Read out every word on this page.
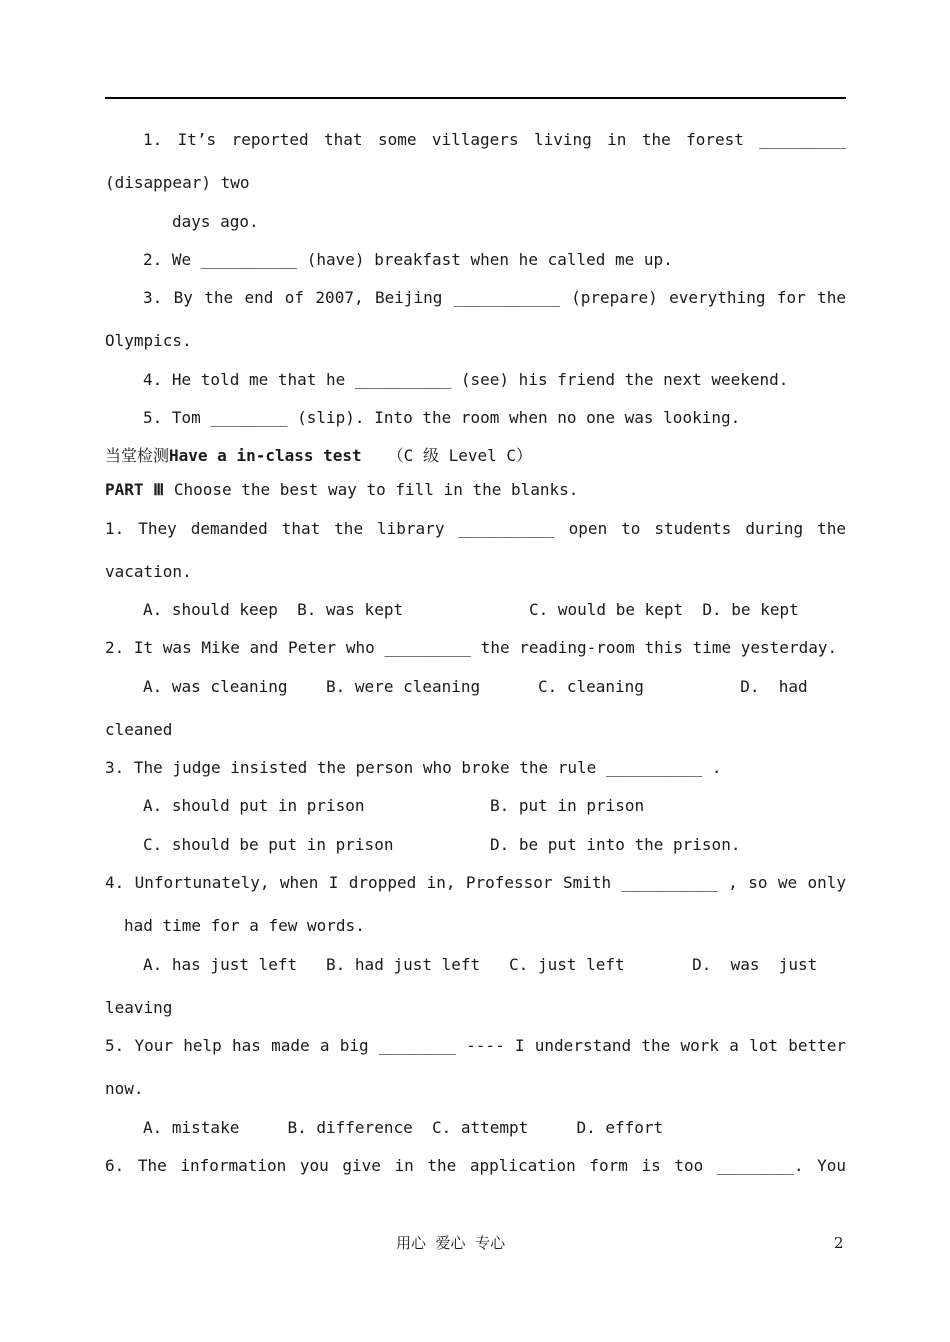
1. It’s reported that some villagers living in the forest _________
(disappear) two
days ago.
2. We __________ (have) breakfast when he called me up.
3. By the end of 2007, Beijing ___________ (prepare) everything for the
Olympics.
4. He told me that he __________ (see) his friend the next weekend.
5. Tom ________ (slip). Into the room when no one was looking.
当堂检测Have a in-class test （C 级 Level C）
PART Ⅲ Choose the best way to fill in the blanks.
1. They demanded that the library __________ open to students during the
vacation.
A. should keep  B. was kept	C. would be kept  D. be kept
2. It was Mike and Peter who _________ the reading-room this time yesterday.
A. was cleaning    B. were cleaning      C. cleaning          D.  had
cleaned
3. The judge insisted the person who broke the rule __________ .
A. should put in prison	B. put in prison
C. should be put in prison	D. be put into the prison.
4. Unfortunately, when I dropped in, Professor Smith __________ , so we only
had time for a few words.
A. has just left   B. had just left   C. just left       D.  was  just
leaving
5. Your help has made a big ________ ---- I understand the work a lot better
now.
A. mistake     B. difference  C. attempt     D. effort
6. The information you give in the application form is too ________. You
用心  爱心  专心	2
